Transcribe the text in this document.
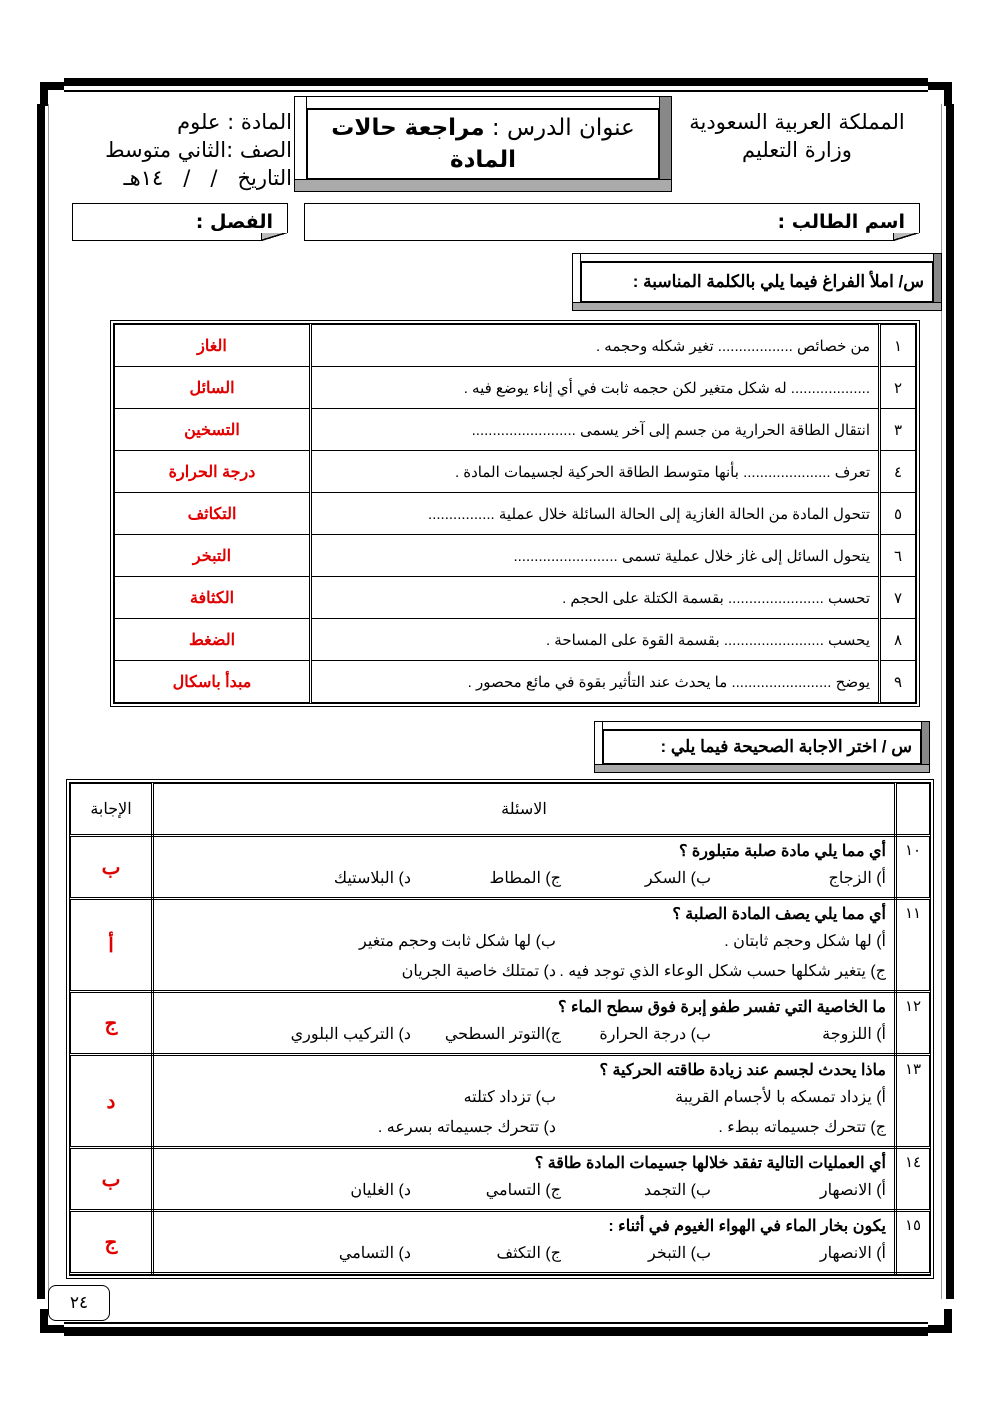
المملكة العربية السعودية
وزارة التعليم
عنوان الدرس : مراجعة حالات المادة
المادة : علوم
الصف :الثاني متوسط
التاريخ   /   /   ١٤هـ
اسم الطالب :
الفصل :
س/ املأ الفراغ فيما يلي بالكلمة المناسبة :
١	من خصائص .................. تغير شكله وحجمه .	الغاز
٢	................... له شكل متغير لكن حجمه ثابت في أي إناء يوضع فيه .	السائل
٣	انتقال الطاقة الحرارية من جسم إلى آخر يسمى .........................	التسخين
٤	تعرف ..................... بأنها متوسط الطاقة الحركية لجسيمات المادة .	درجة الحرارة
٥	تتحول المادة من الحالة الغازية إلى الحالة السائلة خلال عملية ................	التكاثف
٦	يتحول السائل إلى غاز خلال عملية تسمى .........................	التبخر
٧	تحسب ....................... بقسمة الكتلة على الحجم .	الكثافة
٨	يحسب ........................ بقسمة القوة على المساحة .	الضغط
٩	يوضح ........................ ما يحدث عند التأثير بقوة في مائع محصور .	مبدأ باسكال
س / اختر الاجابة الصحيحة فيما يلي :
	الاسئلة	الإجابة
١٠	أي مما يلي مادة صلبة متبلورة ؟
أ) الزجاج
ب) السكر
ج) المطاط
د) البلاستيك	ب
١١	أي مما يلي يصف المادة الصلبة ؟
أ) لها شكل وحجم ثابتان .
ب) لها شكل ثابت وحجم متغير
ج) يتغير شكلها حسب شكل الوعاء الذي توجد فيه .
د) تمتلك خاصية الجريان	أ
١٢	ما الخاصية التي تفسر طفو إبرة فوق سطح الماء ؟
أ) اللزوجة
ب) درجة الحرارة
ج)التوتر السطحي
د) التركيب البلوري	ج
١٣	ماذا يحدث لجسم عند زيادة طاقته الحركية ؟
أ) يزداد تمسكه با لأجسام القريبة
ب) تزداد كتلته
ج) تتحرك جسيماته ببطء .
د) تتحرك جسيماته بسرعه .	د
١٤	أي العمليات التالية تفقد خلالها جسيمات المادة طاقة ؟
أ) الانصهار
ب) التجمد
ج) التسامي
د) الغليان	ب
١٥	يكون بخار الماء في الهواء الغيوم في أثناء :
أ) الانصهار
ب) التبخر
ج) التكثف
د) التسامي	ج
٢٤
